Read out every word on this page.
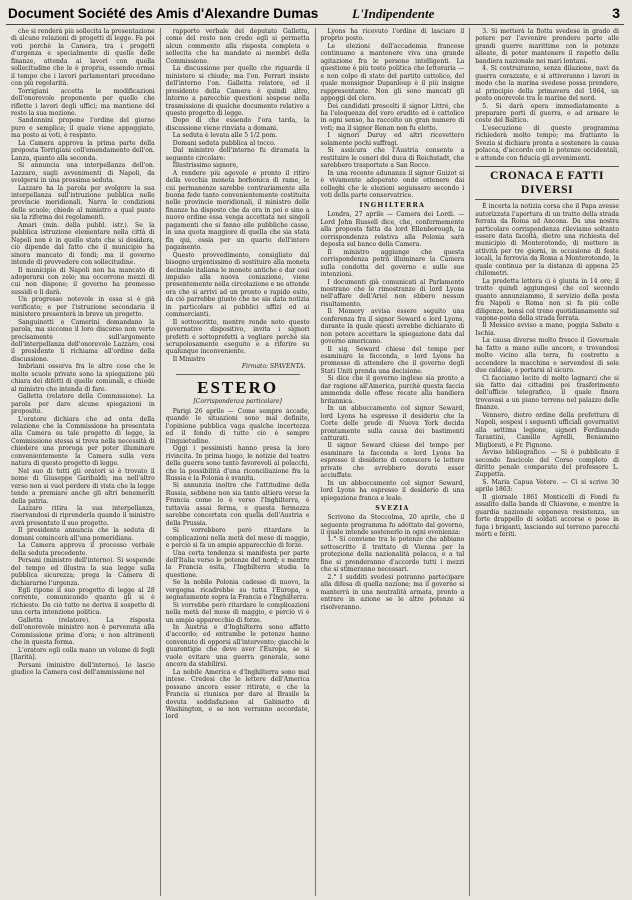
Document Société des Amis d'Alexandre Dumas	L'Indipendente	3

che si renderà più sollecita la presentazione di alcune relazioni di progetti di legge. Fa poi voti perchè la Camera, tra i progetti d'urgenza e specialmente di quelle delle finanze, attenda ai lavori con quella sollecitudine che le è propria, essendo ormai il tempo che i lavori parlamentari precedano con più regolarità.

Torrigiani accetta le modificazioni dell'onorevole proponente per quello che riflette i lavori degli uffici; ma mantiene del resto la sua mozione.

Sandonnini propone l'ordine del giorno puro e semplice; il quale viene appoggiato, ma posto ai voti, è respinto.

La Camera approva la prima parte della proposta Torrigiani coll'emendamento dell'on. Lanza, quanto alla seconda.

Si annuncia una interpellanza dell'on. Lazzaro, sugli avvenimenti di Napoli, da svolgersi in una prossima seduta.

Lazzaro ha la parola per svolgere la sua interpellanza sull'istruzione pubblica nelle provincie meridionali. Narra le condizioni delle scuole; chiede al ministro a qual punto sia la riforma dei regolamenti.

Amari (min. della pubbl. istr.). Se la pubblica istruzione elementare nella città di Napoli non è in quello stato che si desidera, ciò dipende dal fatto che il municipio ha sinora mancato di fondi; ma il governo intende di provvedere con sollecitudine.

Il municipio di Napoli non ha mancato di adoperarsi con zelo; ma occorrono mezzi di cui non dispone; il governo ha promesso sussidi e li darà.

Un progresso notevole in essa si è già verificato; e per l'istruzione secondaria il ministero presenterà in breve un progetto.

Sanguinetti e Camerini domandano la parola, ma siccome il loro discorso non verte precisamente sull'argomento dell'interpellanza dell'onorevole Lazzaro, così il presidente li richiama all'ordine della discussione.

Imbriani osserva fra le altre cose che le molte scuole private sono la spiegazione più chiara dei difetti di quelle comunali, e chiede al ministro che intenda di fare.

Galletta (relatore della Commissione). La parola per dare alcune spiegazioni in proposito.

L'oratore dichiara che ad onta della relazione che la Commissione ha presentata alla Camera su tale progetto di legge, la Commissione stessa si trova nella necessità di chiedere una proroga per poter illuminare convenientemente la Camera sulla vera natura di questo progetto di legge.

Nel suo di tutti gli oratori si è trovato il nome di Giuseppe Garibaldi; ma nell'altro verso non si vuol perdere di vista che la legge tende a premiare anche gli altri benemeriti della patria.

Lazzaro ritira la sua interpellanza, riservandosi di riprenderla quando il ministro avrà presentato il suo progetto.

Il presidente annuncia che la seduta di domani comincerà all'una pomeridiana.

La Camera approva il processo verbale della seduta precedente.

Persani (ministro dell'interno). Si sospende del tempo ed illustra la sua legge sulla pubblica sicurezza; prega la Camera di dichiararne l'urgenza.

Egli ripone il suo progetto di legge al 28 corrente, comunicando quanto gli si è richiesto. Da ciò tutto ne deriva il sospetto di una certa intenzione politica.

Galletta (relatore). La risposta dell'onorevole ministro non è pervenuta alla Commissione prima d'ora; e non altrimenti che in questa forma.

L'oratore egli colla mano un volume di fogli [Ilarità].

Persani (ministro dell'interno). Io lascio giudice la Camera così dell'ammissione nel

rapporto verbale del deputato Galletta, come del resto non credo egli si permetta alcun commento alla risposta completa e sollecita che ha mandato ai membri della Commissione.

La discussione per quello che riguarda il ministero si chiude; ma l'on. Ferrari insiste dell'interno l'on. Galletta relatore, ed il presidente della Camera è quindi altro, intorno a parecchie questioni sospese nella trasmissione di qualche documento relativo a questo progetto di legge.

Dopo di che essendo l'ora tarda, la discussione viene rinviata a domani.

La seduta è levata alle 5 1/2 pom.

Domani seduta pubblica al tocco.

Dal ministro dell'interno fu diramata la seguente circolare:

Illustrissimo signore,

A rendere più agevole e pronto il ritiro della vecchia moneta borbonica di rame, le cui permanenze sarebbe contrariamente alla buona fede tanto convenientemente costituita nelle provincie meridionali, il ministro delle finanze ha disposto che da ora in poi e sino a nuovo ordine essa venga accettata nei singoli pagamenti che si fanno alle pubbliche casse, in una quota maggiore di quella che sia stata fin qui, ossia per un quarto dell'intero pagamento.

Questo provvedimento, consigliato dal bisogno urgentissimo di sostituire alla moneta decimale italiana le monete antiche e dar così impulso alla nuova coniazione, viene presentemente nella circolazione e ne attende ora che si arrivi ad un pronto e rapido esito, da ciò parrebbe giusto che ne sia data notizia in particolare ai pubblici uffizi ed ai commercianti.

Il sottoscritto, mentre rende noto questo governativo dispositivo, invita i signori prefetti e sottoprefetti a vegliare perchè sia scrupolosamente eseguito e a riferire su qualunque inconveniente.

Il Ministro

Firmato: SPAVENTA.
ESTERO
[Corrispondenza particolare]

Parigi 26 aprile — Come sempre accade, quando le situazioni sono mal definite, l'opinione pubblica vaga qualche incertezza ed il fondo di tutto ciò è sempre l'inquietudine.

Oggi i pessimisti hanno presa la loro rivincita. In prima luogo, le notizie del teatro della guerra sono tanto favorevoli al polacchi, che la possibilità d'una riconciliazione fra la Russia e la Polonia è svanita.

Si annunzia inoltre che l'attitudine della Russia, sebbene non sia tanto altiera verso la Francia come lo è verso l'Inghilterra, è tuttavia assai ferma, e questa fermezza sarebbe concertata con quella dell'Austria e della Prussia.

Si vorrebbero però ritardare le complicazioni nella metà del mese di maggio, e perciò si fa un ampio apparecchio di forze.

Una certa tendenza si manifesta per parte dell'Italia verso le potenze del nord; e mentre la Francia esita, l'Inghilterra studia la questione.

Se la nobile Polonia cadesse di nuovo, la vergogna ricadrebbe su tutta l'Europa, e segnatamente sopra la Francia e l'Inghilterra.

Si vorrebbe però ritardare le complicazioni nella metà del mese di maggio, e perciò vi è un ampio apparecchio di forze.

In Austria e d'Inghilterra sono affatto d'accordo; ed entrambe le potenze hanno convenuto di opporsi all'intervento; giacchè le guarentigie che deve aver l'Europa, se si vuole evitare una guerra generale, sono ancora da stabilirsi.

La nobile America e d'Inghilterra sono mal intese. Credesi che le lettere dell'America possano ancora esser ritirate, e che la Francia si riunisca per dare al Brasile la dovuta soddisfazione al Gabinetto di Washington, e se non verranno accordate, lord

Lyons ha ricevuto l'ordine di lasciare il proprio posto.

Le elezioni dell'accademia francese continuano a mantenere viva una grande agitazione fra le persone intelligenti. La questione è più tosto politica che letteraria — e non colpo di stato del partito cattolico, del quale monsignor Dupanloup è il più insigne rappresentante. Non gli sono mancati gli appoggi del clero.

Dei candidati prescelti il signor Littré, che ha l'eloquenza del vero erudito ed è cattolico in ogni senso, ha raccolto un gran numero di voti; ma il signor Renan non fu eletto.

I signori Duruy ed altri ricevettero solamente pochi suffragi.

Si assicura che l'Austria consente a restituire le ceneri del duca di Reichstadt, che sarebbero trasportate a San Rocco.

In una recente adunanza il signor Guizot si è vivamente adoperato onde ottenere dai colleghi che le elezioni seguissero secondo i voti della parte conservatrice.

INGHILTERRA

Londra, 27 aprile — Camera dei Lordi. — Lord John Russell dice, che, conformemente alla proposta fatta da lord Ellenborough, la corrispondenza relativa alla Polonia sarà deposta sul banco della Camera.

Il ministro aggiunge che questa corrispondenza potrà illuminare la Camera sulla condotta del governo e sulle sue intenzioni.

I documenti già comunicati al Parlamento mostrano che le rimostranze di lord Lyons nell'affare dell'Ariel non ebbero nessun risultamento.

Il Memory avvisa essere seguito una conferenza fra il signor Seward e lord Lyons, durante la quale questi avrebbe dichiarato di non potere accettare la spiegazione data dal governo americano.

Il sig. Seward chiese del tempo per esaminare la faccenda, e lord Lyons ha promesso di attendere che il governo degli Stati Uniti prenda una decisione.

Si dice che il governo inglese sia pronto a dar ragione all'America, purchè questa faccia ammenda delle offese recate alla bandiera britannica.

In un abboccamento col signor Seward, lord Lyons ha espresso il desiderio che la Corte delle prede di Nuova York decida prontamente sulla causa dei bastimenti catturati.

Il signor Seward chiese del tempo per esaminare la faccenda e lord Lyons ha espresso il desiderio di conoscere le lettere private che avrebbero dovuto esser acciuffate.

In un abboccamento col signor Seward, lord Lyons ha espresso il desiderio di una spiegazione franca e leale.

SVEZIA

Scrivono da Stoccolma, 20 aprile, che il seguente programma fu adottato dal governo, il quale intende sostenerlo in ogni evenienza:

1.° Si conviene tra le potenze che abbiano sottoscritto il trattato di Vienna per la protezione della nazionalità polacca, e a tal fine si prenderanno d'accordo tutti i mezzi che si stimeranno necessari.

2.° I sudditi svedesi potranno partecipare alla difesa di quella nazione; ma il governo si manterrà in una neutralità armata, pronto a entrare in azione se le altre potenze si risolveranno.

3. Si metterà la flotta svedese in grado di potere per l'avvenire prendere parte alle grandi guerre marittime con le potenze alleate, di poter mantenere il rispetto della bandiera nazionale nei mari lontani.

4. Si costruiranno, senza dilazione, navi da guerra corazzate, e si attiveranno i lavori in modo che la marina svedese possa prendere, al principio della primavera del 1864, un posto onorevole tra le marine del nord.

5. Si darà opera immediatamente a preparare porti di guerra, e ad armare le coste del Baltico.

L'esecuzione di questo programma richiederà molto tempo; ma frattanto la Svezia si dichiara pronta a sostenere la causa polacca, d'accordo con le potenze occidentali, e attende con fiducia gli avvenimenti.

CRONACA E FATTI DIVERSI

È incerta la notizia corsa che il Papa avesse autorizzata l'apertura di un tratto della strada ferrata da Roma ad Ancona. Da una nostra particolare corrispondenza rileviamo soltanto essere data facoltà, dietro una richiesta del municipio di Monterotondo, di mettere in attività per tre giorni, in occasione di feste locali, la ferrovia da Roma a Monterotondo, la quale continua per la distanza di appena 25 chilometri.

La predetta lettera ci è giunta in 14 ore; il tratto quindi aggiungesi che col secondo quanto annunziammo, il servizio della posta fra Napoli e Roma non si fa più colle diligenze, bensì col treno quotidianamente sul vagone-posta della strada ferrata.

Il Messico avviso a mano, poggia Sabato a Ischia.

La causa diverse molto fresco il Governale ha fatto a mano sulle ancore, e trovandosi molto vicino alla terra, fu costretto a accendere la macchina e servendosi di sole due caldaie, e portarsi al sicuro.

Ci facciamo lecito di molto lagnarci che si sia fatto dai cittadini poi trasferimento dell'ufficio telegrafico, il quale finora trovavasi a un piano terreno nel palazzo delle finanze.

Vennero, dietro ordine della prefettura di Napoli, sospesi i seguenti ufficiali governativi alla settima legione, signori Ferdinando Tarantini, Camillo Agrelli, Beniamino Migliorati, e Fr. Pignone.

Avviso bibliografico. — Si è pubblicato il secondo fascicolo del Corso completo di diritto penale comparato del professore L. Zuppetta.

S. Maria Capua Vetere. — Ci si scrive 30 aprile 1863:

Il giornale 1861 Monticelli di Fondi fu assalito dalla banda di Chiavone, e mentre la guardia nazionale opponeva resistenza, un forte drappello di soldati accorse e pose in fuga i briganti, lasciando sul terreno parecchi morti e feriti.
